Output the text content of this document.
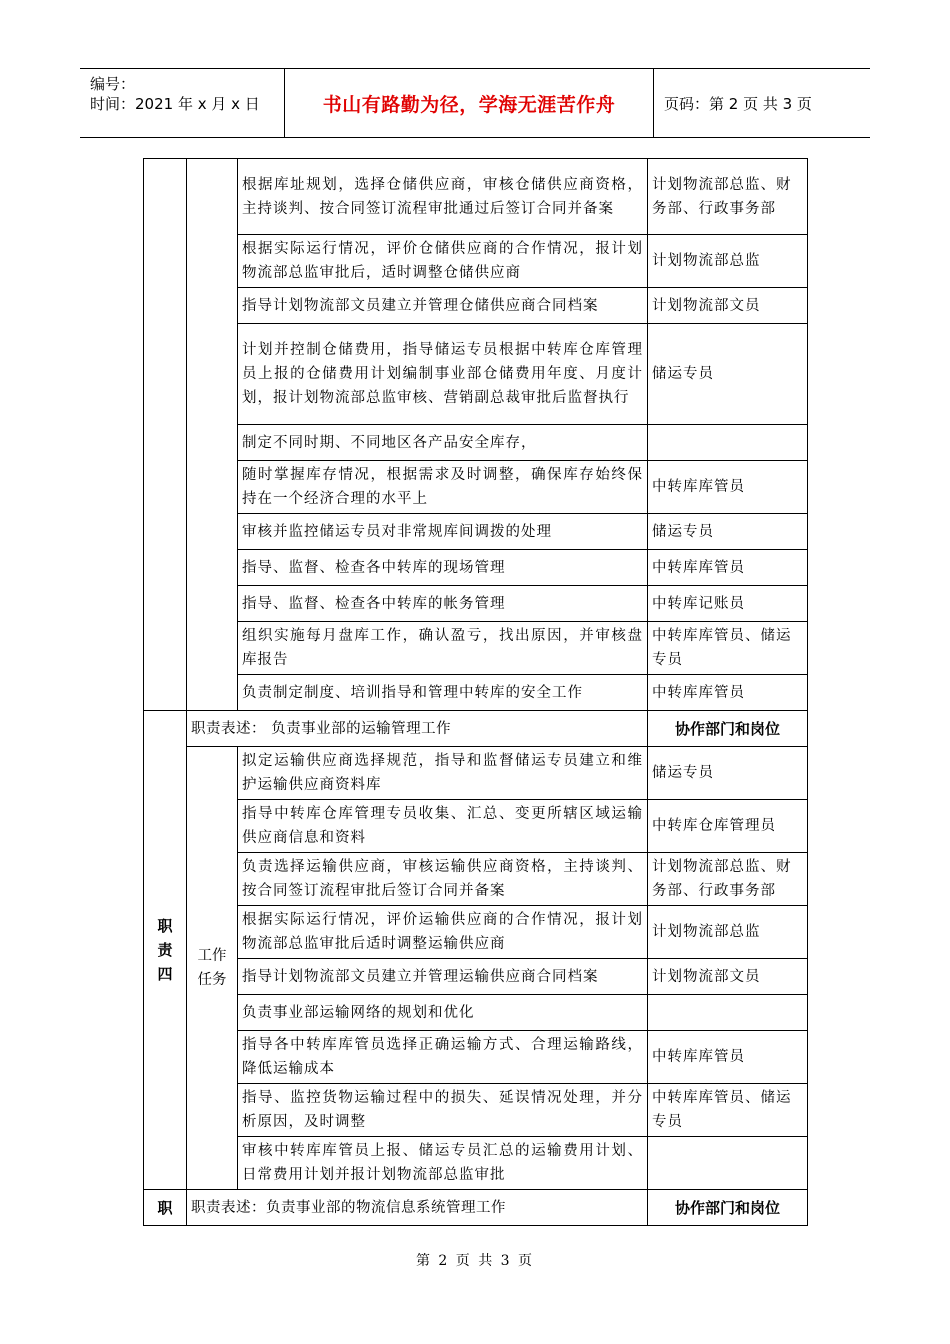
编号：
时间：2021 年 x 月 x 日	书山有路勤为径，学海无涯苦作舟	页码：第 2 页 共 3 页
		根据库址规划，选择仓储供应商，审核仓储供应商资格，主持谈判、按合同签订流程审批通过后签订合同并备案	计划物流部总监、财务部、行政事务部
		根据实际运行情况，评价仓储供应商的合作情况，报计划物流部总监审批后，适时调整仓储供应商	计划物流部总监
		指导计划物流部文员建立并管理仓储供应商合同档案	计划物流部文员
		计划并控制仓储费用，指导储运专员根据中转库仓库管理员上报的仓储费用计划编制事业部仓储费用年度、月度计划，报计划物流部总监审核、营销副总裁审批后监督执行	储运专员
		制定不同时期、不同地区各产品安全库存，	
		随时掌握库存情况，根据需求及时调整，确保库存始终保持在一个经济合理的水平上	中转库库管员
		审核并监控储运专员对非常规库间调拨的处理	储运专员
		指导、监督、检查各中转库的现场管理	中转库库管员
		指导、监督、检查各中转库的帐务管理	中转库记账员
		组织实施每月盘库工作，确认盈亏，找出原因，并审核盘库报告	中转库库管员、储运专员
		负责制定制度、培训指导和管理中转库的安全工作	中转库库管员

职
责
四	职责表述： 负责事业部的运输管理工作		协作部门和岗位

	工作
任务	拟定运输供应商选择规范，指导和监督储运专员建立和维护运输供应商资料库	储运专员
		指导中转库仓库管理专员收集、汇总、变更所辖区域运输供应商信息和资料	中转库仓库管理员
		负责选择运输供应商，审核运输供应商资格，主持谈判、按合同签订流程审批后签订合同并备案	计划物流部总监、财务部、行政事务部
		根据实际运行情况，评价运输供应商的合作情况，报计划物流部总监审批后适时调整运输供应商	计划物流部总监
		指导计划物流部文员建立并管理运输供应商合同档案	计划物流部文员
		负责事业部运输网络的规划和优化	
		指导各中转库库管员选择正确运输方式、合理运输路线，降低运输成本	中转库库管员
		指导、监控货物运输过程中的损失、延误情况处理，并分析原因，及时调整	中转库库管员、储运专员
		审核中转库库管员上报、储运专员汇总的运输费用计划、日常费用计划并报计划物流部总监审批	
职	职责表述：负责事业部的物流信息系统管理工作		协作部门和岗位
第 2 页 共 3 页
